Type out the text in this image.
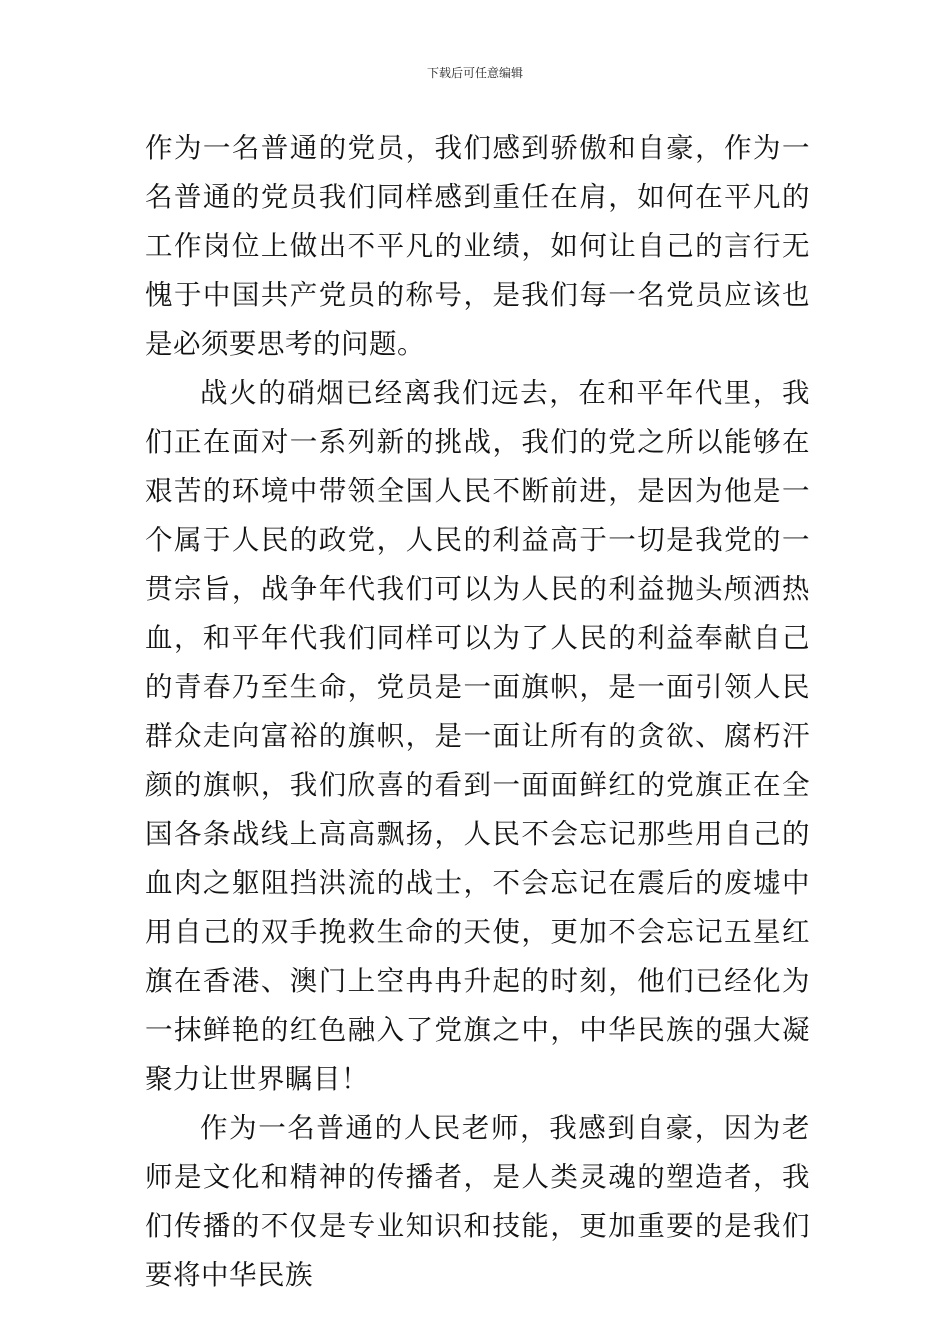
下载后可任意编辑

作为一名普通的党员，我们感到骄傲和自豪，作为一名普通的党员我们同样感到重任在肩，如何在平凡的工作岗位上做出不平凡的业绩，如何让自己的言行无愧于中国共产党员的称号，是我们每一名党员应该也是必须要思考的问题。

战火的硝烟已经离我们远去，在和平年代里，我们正在面对一系列新的挑战，我们的党之所以能够在艰苦的环境中带领全国人民不断前进，是因为他是一个属于人民的政党，人民的利益高于一切是我党的一贯宗旨，战争年代我们可以为人民的利益抛头颅洒热血，和平年代我们同样可以为了人民的利益奉献自己的青春乃至生命，党员是一面旗帜，是一面引领人民群众走向富裕的旗帜，是一面让所有的贪欲、腐朽汗颜的旗帜，我们欣喜的看到一面面鲜红的党旗正在全国各条战线上高高飘扬，人民不会忘记那些用自己的血肉之躯阻挡洪流的战士，不会忘记在震后的废墟中用自己的双手挽救生命的天使，更加不会忘记五星红旗在香港、澳门上空冉冉升起的时刻，他们已经化为一抹鲜艳的红色融入了党旗之中，中华民族的强大凝聚力让世界瞩目！

作为一名普通的人民老师，我感到自豪，因为老师是文化和精神的传播者，是人类灵魂的塑造者，我们传播的不仅是专业知识和技能，更加重要的是我们要将中华民族
